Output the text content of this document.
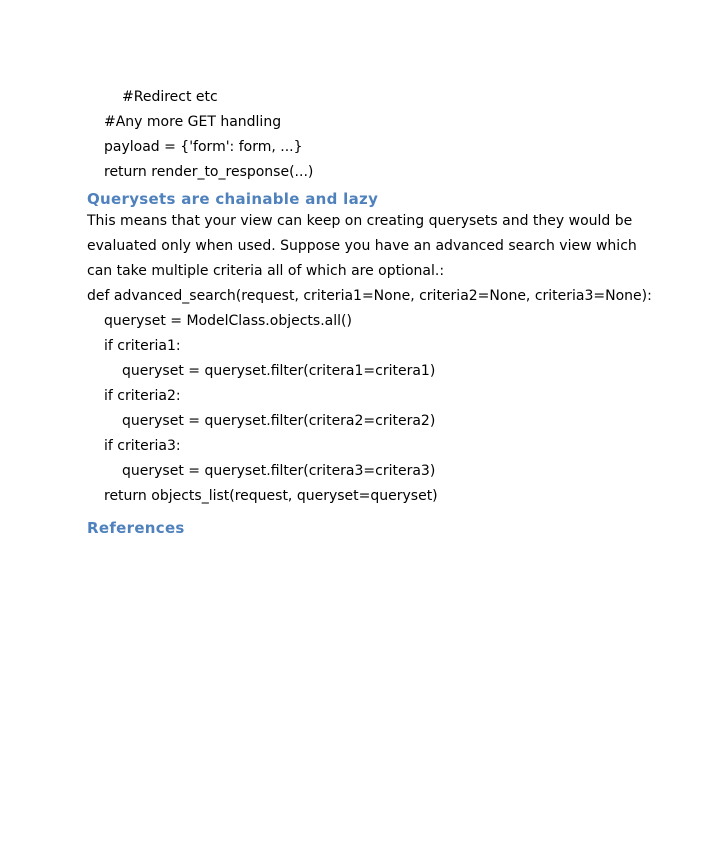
#Redirect etc
#Any more GET handling
payload = {'form': form, ...}
return render_to_response(...)
Querysets are chainable and lazy
This means that your view can keep on creating querysets and they would be
evaluated only when used. Suppose you have an advanced search view which
can take multiple criteria all of which are optional.:
def advanced_search(request, criteria1=None, criteria2=None, criteria3=None):
queryset = ModelClass.objects.all()
if criteria1:
queryset = queryset.filter(critera1=critera1)
if criteria2:
queryset = queryset.filter(critera2=critera2)
if criteria3:
queryset = queryset.filter(critera3=critera3)
return objects_list(request, queryset=queryset)
References
